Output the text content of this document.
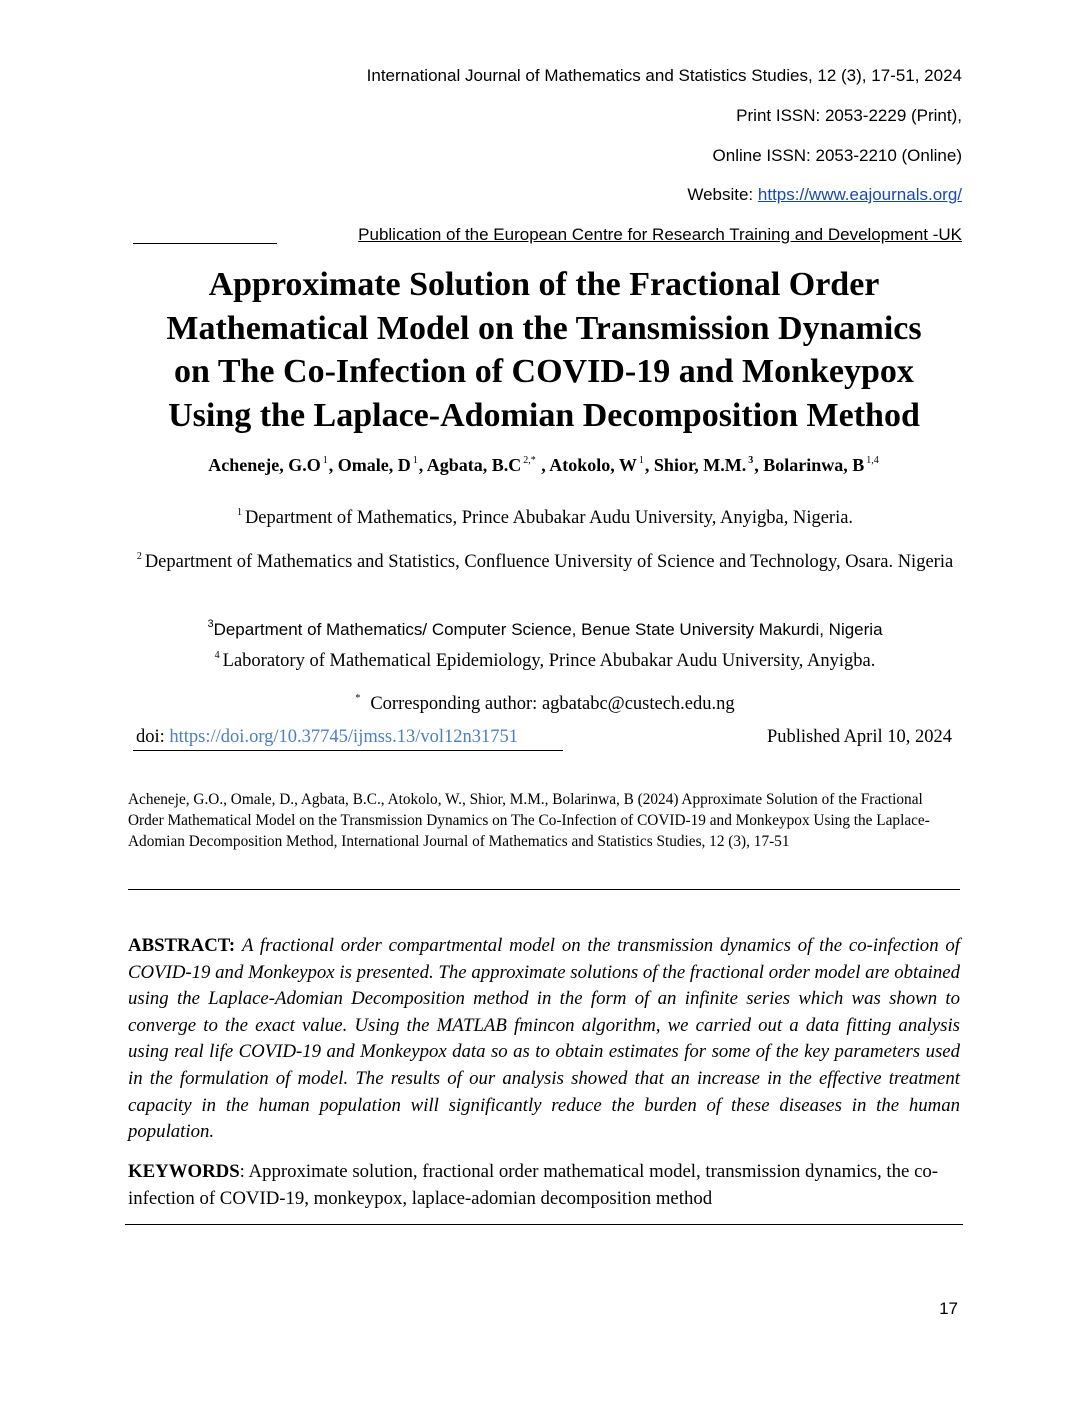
International Journal of Mathematics and Statistics Studies, 12 (3), 17-51, 2024
Print ISSN: 2053-2229 (Print),
Online ISSN: 2053-2210 (Online)
Website: https://www.eajournals.org/
Publication of the European Centre for Research Training and Development -UK
Approximate Solution of the Fractional Order
Mathematical Model on the Transmission Dynamics
on The Co-Infection of COVID-19 and Monkeypox
Using the Laplace-Adomian Decomposition Method
Acheneje, G.O $^1$, Omale, D $^1$, Agbata, B.C $^{2,*}$ , Atokolo, W $^1$, Shior, M.M. $^3$, Bolarinwa, B $^{1,4}$
$^1$ Department of Mathematics, Prince Abubakar Audu University, Anyigba, Nigeria.
$^2$ Department of Mathematics and Statistics, Confluence University of Science and Technology, Osara. Nigeria
$^3$Department of Mathematics/ Computer Science, Benue State University Makurdi, Nigeria
$^4$ Laboratory of Mathematical Epidemiology, Prince Abubakar Audu University, Anyigba.
* Corresponding author: agbatabc@custech.edu.ng
doi: https://doi.org/10.37745/ijmss.13/vol12n31751	Published April 10, 2024
Acheneje, G.O., Omale, D., Agbata, B.C., Atokolo, W., Shior, M.M., Bolarinwa, B (2024) Approximate Solution of the Fractional Order Mathematical Model on the Transmission Dynamics on The Co-Infection of COVID-19 and Monkeypox Using the Laplace-Adomian Decomposition Method, International Journal of Mathematics and Statistics Studies, 12 (3), 17-51
ABSTRACT: A fractional order compartmental model on the transmission dynamics of the co-infection of COVID-19 and Monkeypox is presented. The approximate solutions of the fractional order model are obtained using the Laplace-Adomian Decomposition method in the form of an infinite series which was shown to converge to the exact value. Using the MATLAB fmincon algorithm, we carried out a data fitting analysis using real life COVID-19 and Monkeypox data so as to obtain estimates for some of the key parameters used in the formulation of model. The results of our analysis showed that an increase in the effective treatment capacity in the human population will significantly reduce the burden of these diseases in the human population.
KEYWORDS: Approximate solution, fractional order mathematical model, transmission dynamics, the co-infection of COVID-19, monkeypox, laplace-adomian decomposition method
17
